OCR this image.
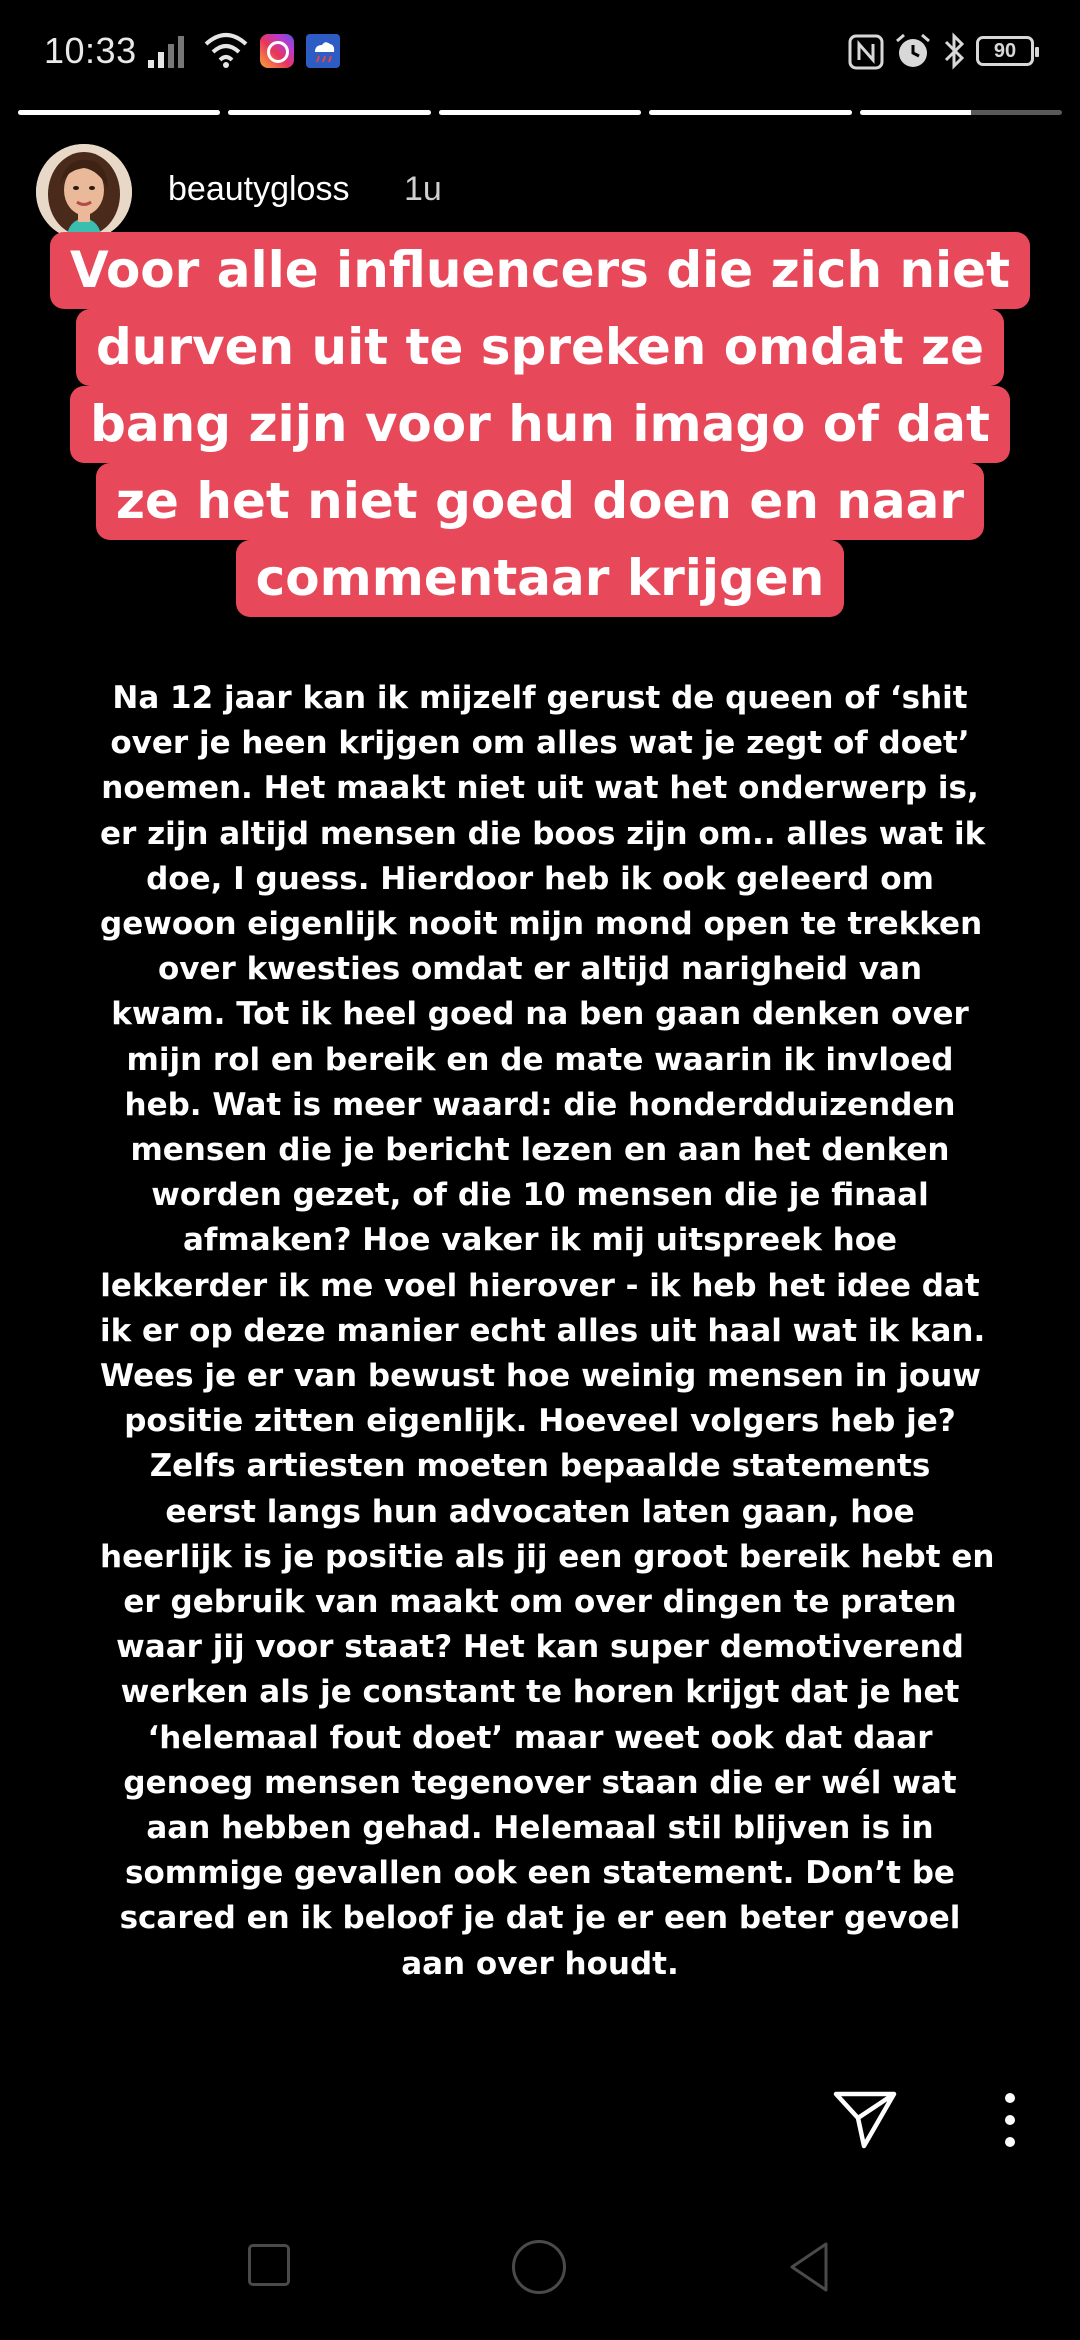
10:33	90
beautygloss 1u
Voor alle influencers die zich niet
durven uit te spreken omdat ze
bang zijn voor hun imago of dat
ze het niet goed doen en naar
commentaar krijgen
Na 12 jaar kan ik mijzelf gerust de queen of ‘shit
over je heen krijgen om alles wat je zegt of doet’
noemen. Het maakt niet uit wat het onderwerp is,
er zijn altijd mensen die boos zijn om.. alles wat ik
doe, I guess. Hierdoor heb ik ook geleerd om
gewoon eigenlijk nooit mijn mond open te trekken
over kwesties omdat er altijd narigheid van
kwam. Tot ik heel goed na ben gaan denken over
mijn rol en bereik en de mate waarin ik invloed
heb. Wat is meer waard: die honderdduizenden
mensen die je bericht lezen en aan het denken
worden gezet, of die 10 mensen die je finaal
afmaken? Hoe vaker ik mij uitspreek hoe
lekkerder ik me voel hierover - ik heb het idee dat
ik er op deze manier echt alles uit haal wat ik kan.
Wees je er van bewust hoe weinig mensen in jouw
positie zitten eigenlijk. Hoeveel volgers heb je?
Zelfs artiesten moeten bepaalde statements
eerst langs hun advocaten laten gaan, hoe
heerlijk is je positie als jij een groot bereik hebt en
er gebruik van maakt om over dingen te praten
waar jij voor staat? Het kan super demotiverend
werken als je constant te horen krijgt dat je het
‘helemaal fout doet’ maar weet ook dat daar
genoeg mensen tegenover staan die er wél wat
aan hebben gehad. Helemaal stil blijven is in
sommige gevallen ook een statement. Don’t be
scared en ik beloof je dat je er een beter gevoel
aan over houdt.
